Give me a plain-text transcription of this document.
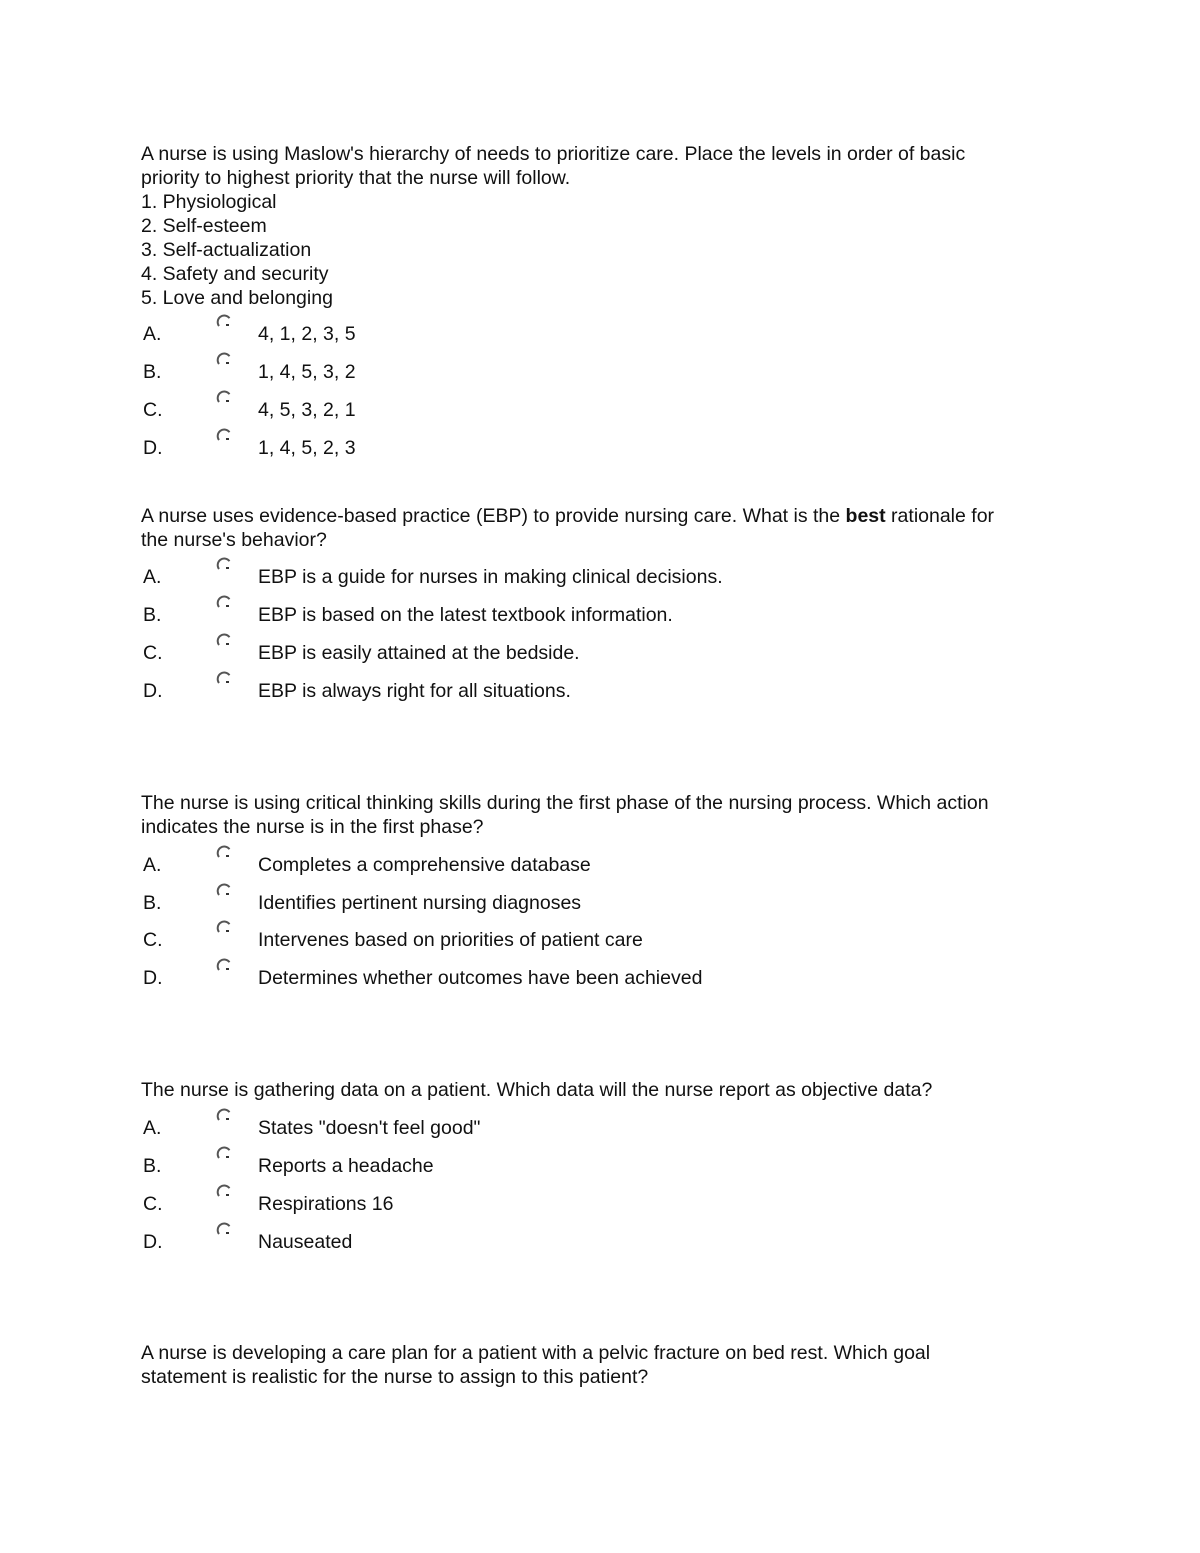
A nurse is using Maslow's hierarchy of needs to prioritize care. Place the levels in order of basic
priority to highest priority that the nurse will follow.
1. Physiological
2. Self-esteem
3. Self-actualization
4. Safety and security
5. Love and belonging
A.	4, 1, 2, 3, 5
B.	1, 4, 5, 3, 2
C.	4, 5, 3, 2, 1
D.	1, 4, 5, 2, 3
A nurse uses evidence-based practice (EBP) to provide nursing care. What is the best rationale for
the nurse's behavior?
A.	EBP is a guide for nurses in making clinical decisions.
B.	EBP is based on the latest textbook information.
C.	EBP is easily attained at the bedside.
D.	EBP is always right for all situations.
The nurse is using critical thinking skills during the first phase of the nursing process. Which action
indicates the nurse is in the first phase?
A.	Completes a comprehensive database
B.	Identifies pertinent nursing diagnoses
C.	Intervenes based on priorities of patient care
D.	Determines whether outcomes have been achieved
The nurse is gathering data on a patient. Which data will the nurse report as objective data?
A.	States "doesn't feel good"
B.	Reports a headache
C.	Respirations 16
D.	Nauseated
A nurse is developing a care plan for a patient with a pelvic fracture on bed rest. Which goal
statement is realistic for the nurse to assign to this patient?
